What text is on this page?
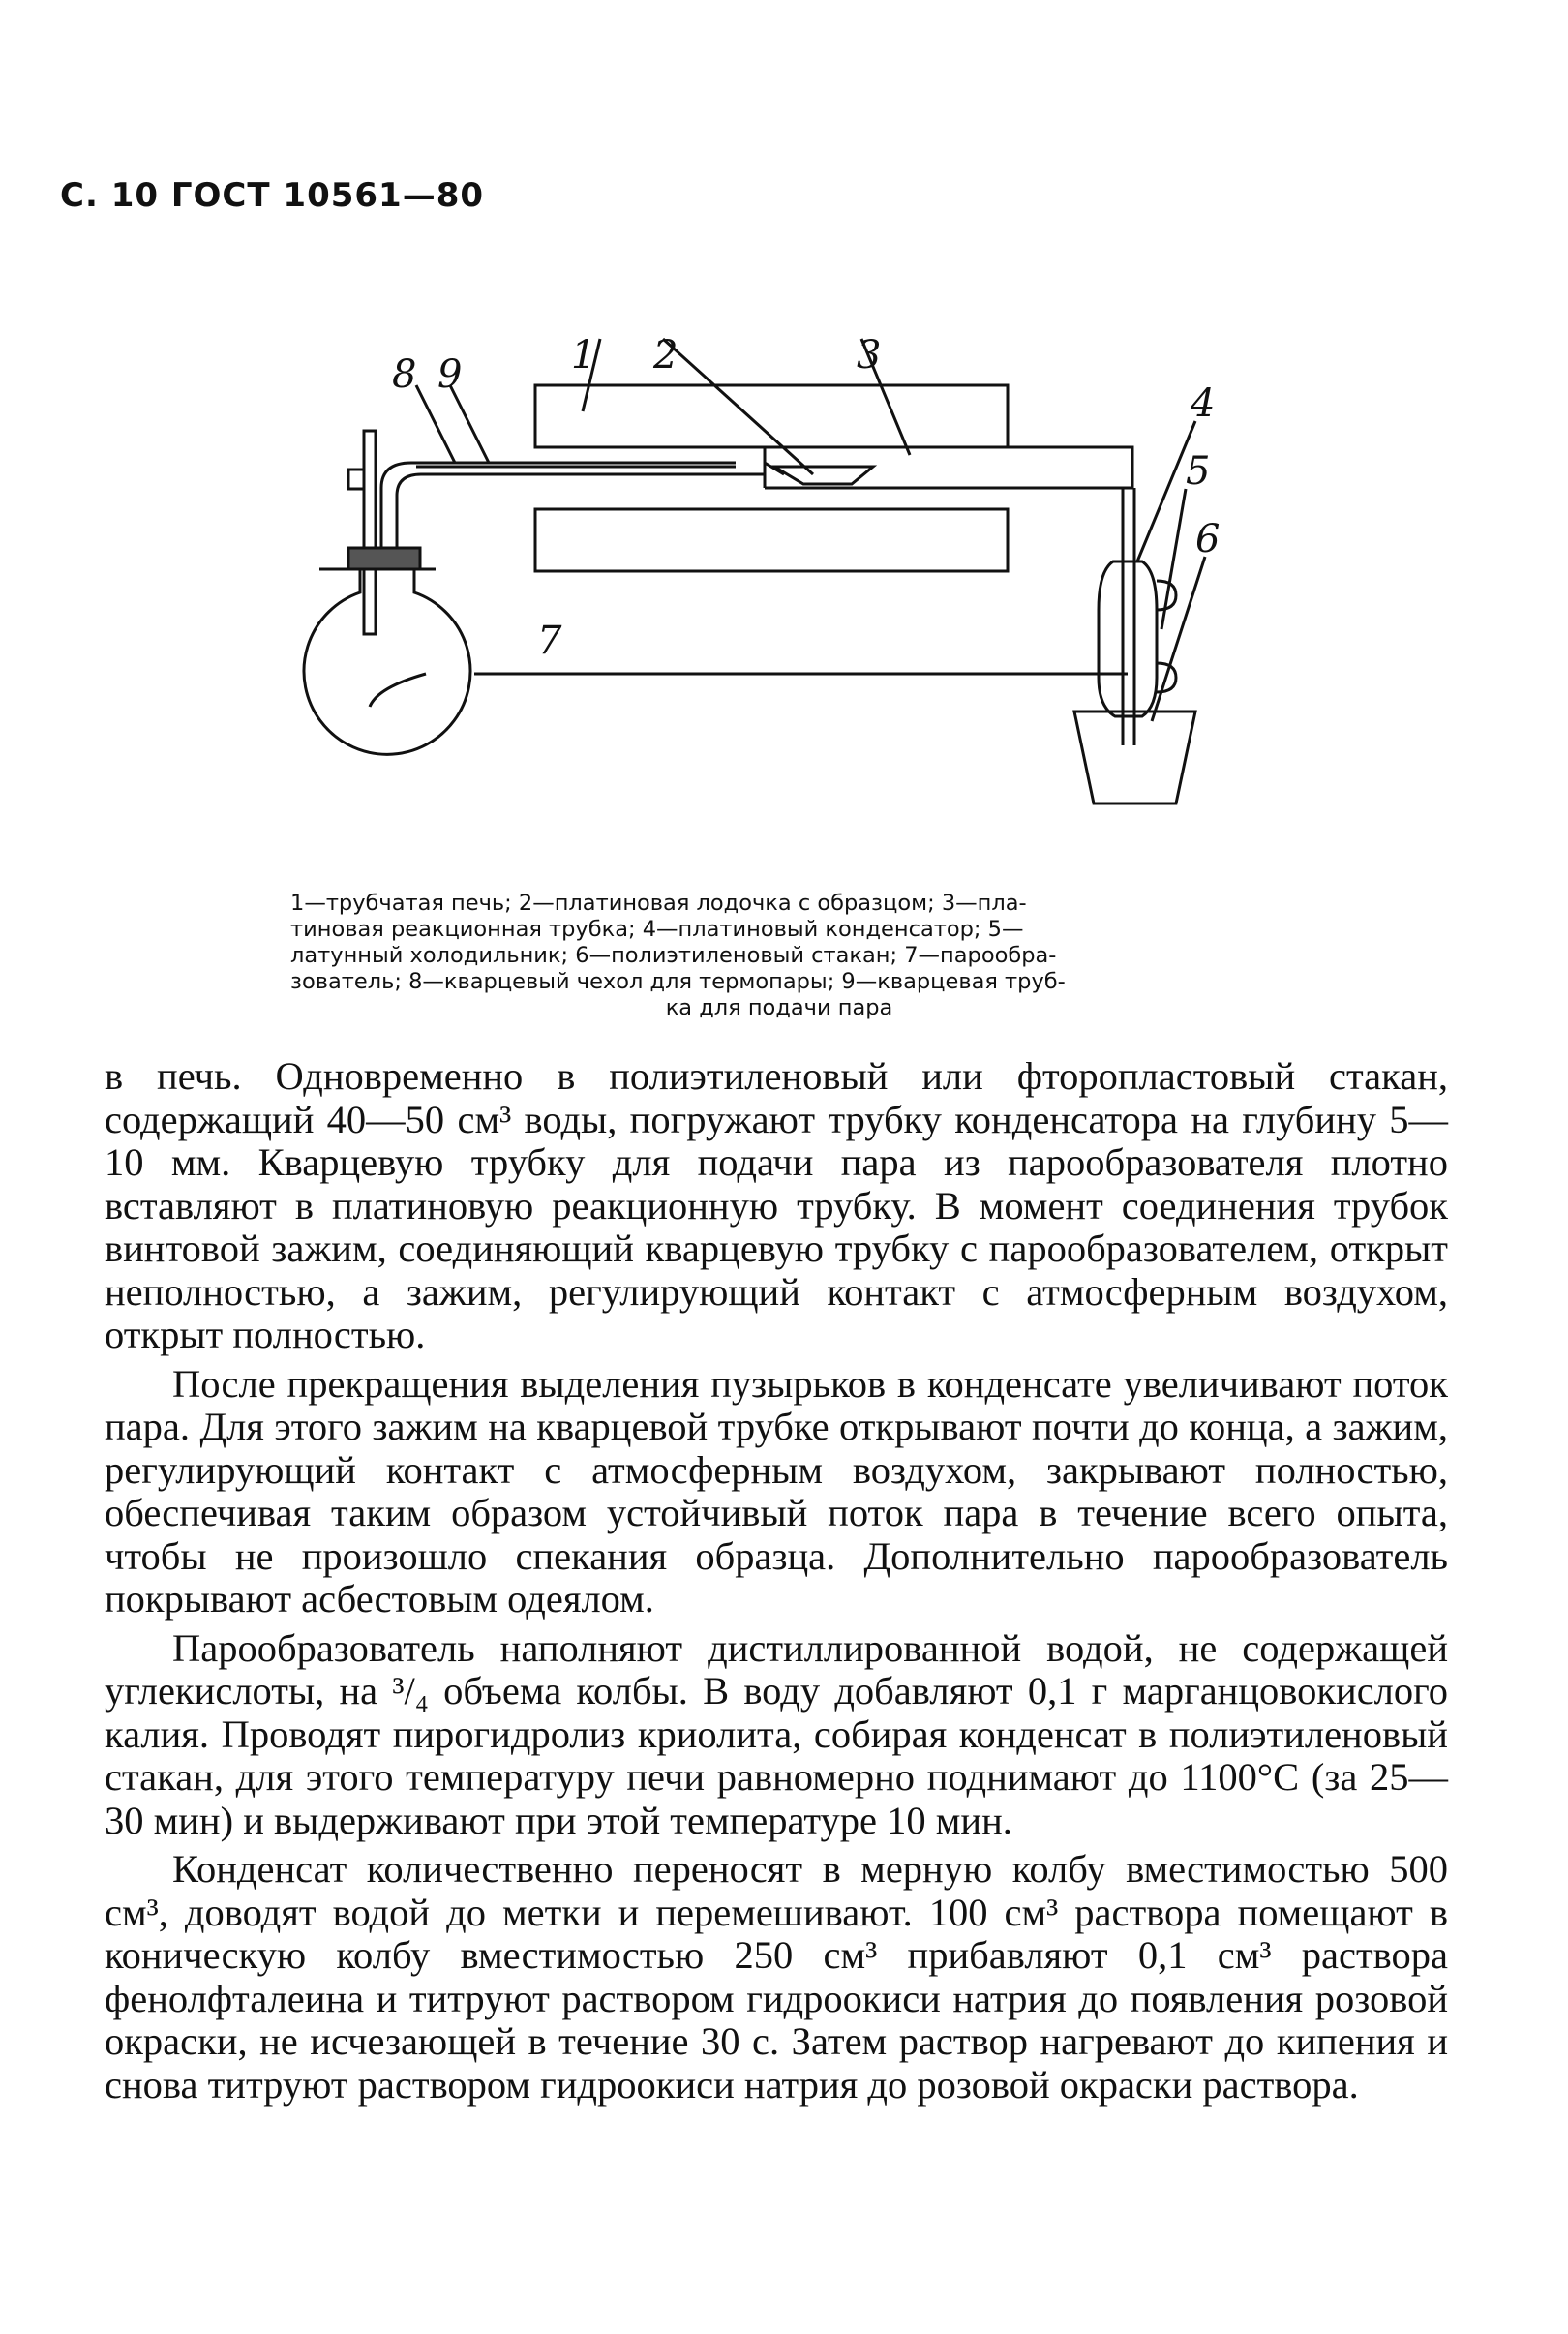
С. 10 ГОСТ 10561—80
1 2	3
4
5
6
7
8 9
1—трубчатая печь; 2—платиновая лодочка с образцом; 3—пла-
тиновая реакционная трубка; 4—платиновый конденсатор; 5—
латунный холодильник; 6—полиэтиленовый стакан; 7—парообра-
зователь; 8—кварцевый чехол для термопары; 9—кварцевая труб-
ка для подачи пара

в печь. Одновременно в полиэтиленовый или фторопластовый стакан, содержащий 40—50 см³ воды, погружают трубку конденсатора на глубину 5—10 мм. Кварцевую трубку для подачи пара из парообразователя плотно вставляют в платиновую реакционную трубку. В момент соединения трубок винтовой зажим, соединяющий кварцевую трубку с парообразователем, открыт неполностью, а зажим, регулирующий контакт с атмосферным воздухом, открыт полностью.

После прекращения выделения пузырьков в конденсате увеличивают поток пара. Для этого зажим на кварцевой трубке открывают почти до конца, а зажим, регулирующий контакт с атмосферным воздухом, закрывают полностью, обеспечивая таким образом устойчивый поток пара в течение всего опыта, чтобы не произошло спекания образца. Дополнительно парообразователь покрывают асбестовым одеялом.

Парообразователь наполняют дистиллированной водой, не содержащей углекислоты, на ³/₄ объема колбы. В воду добавляют 0,1 г марганцовокислого калия. Проводят пирогидролиз криолита, собирая конденсат в полиэтиленовый стакан, для этого температуру печи равномерно поднимают до 1100°С (за 25—30 мин) и выдерживают при этой температуре 10 мин.

Конденсат количественно переносят в мерную колбу вместимостью 500 см³, доводят водой до метки и перемешивают. 100 см³ раствора помещают в коническую колбу вместимостью 250 см³ прибавляют 0,1 см³ раствора фенолфталеина и титруют раствором гидроокиси натрия до появления розовой окраски, не исчезающей в течение 30 с. Затем раствор нагревают до кипения и снова титруют раствором гидроокиси натрия до розовой окраски раствора.
